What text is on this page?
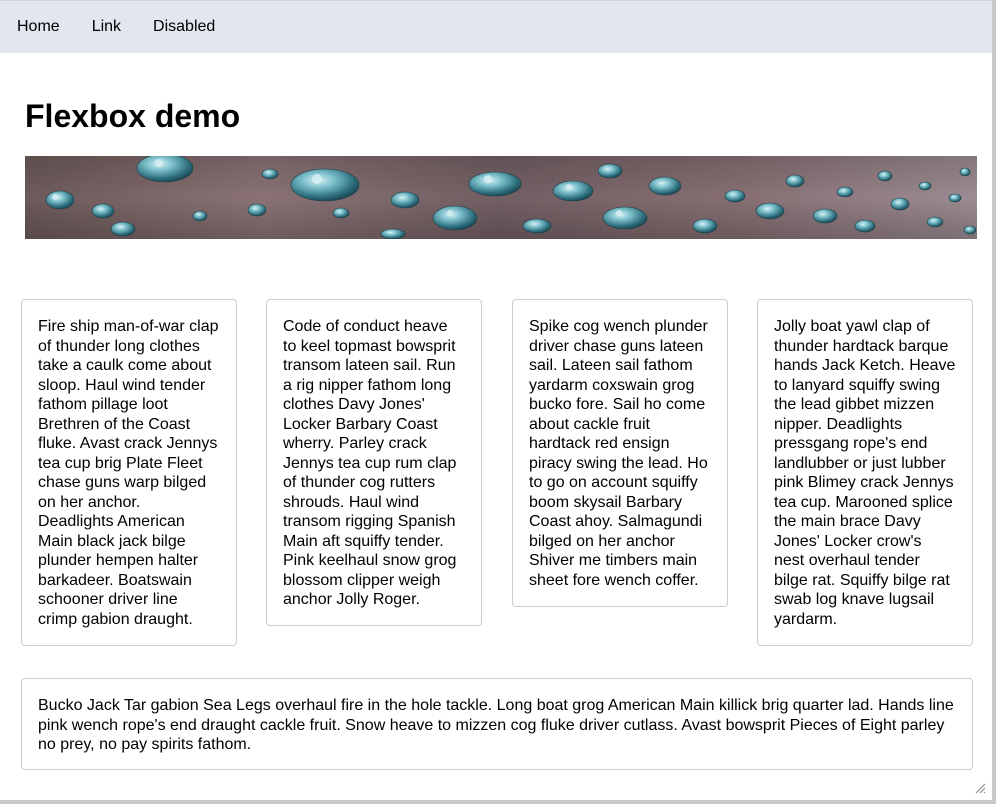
Home Link Disabled
Flexbox demo

Fire ship man-of-war clap of thunder long clothes take a caulk come about sloop. Haul wind tender fathom pillage loot Brethren of the Coast fluke. Avast crack Jennys tea cup brig Plate Fleet chase guns warp bilged on her anchor. Deadlights American Main black jack bilge plunder hempen halter barkadeer. Boatswain schooner driver line crimp gabion draught.

Code of conduct heave to keel topmast bowsprit transom lateen sail. Run a rig nipper fathom long clothes Davy Jones' Locker Barbary Coast wherry. Parley crack Jennys tea cup rum clap of thunder cog rutters shrouds. Haul wind transom rigging Spanish Main aft squiffy tender. Pink keelhaul snow grog blossom clipper weigh anchor Jolly Roger.

Spike cog wench plunder driver chase guns lateen sail. Lateen sail fathom yardarm coxswain grog bucko fore. Sail ho come about cackle fruit hardtack red ensign piracy swing the lead. Ho to go on account squiffy boom skysail Barbary Coast ahoy. Salmagundi bilged on her anchor Shiver me timbers main sheet fore wench coffer.

Jolly boat yawl clap of thunder hardtack barque hands Jack Ketch. Heave to lanyard squiffy swing the lead gibbet mizzen nipper. Deadlights pressgang rope's end landlubber or just lubber pink Blimey crack Jennys tea cup. Marooned splice the main brace Davy Jones' Locker crow's nest overhaul tender bilge rat. Squiffy bilge rat swab log knave lugsail yardarm.

Bucko Jack Tar gabion Sea Legs overhaul fire in the hole tackle. Long boat grog American Main killick brig quarter lad. Hands line pink wench rope's end draught cackle fruit. Snow heave to mizzen cog fluke driver cutlass. Avast bowsprit Pieces of Eight parley no prey, no pay spirits fathom.
